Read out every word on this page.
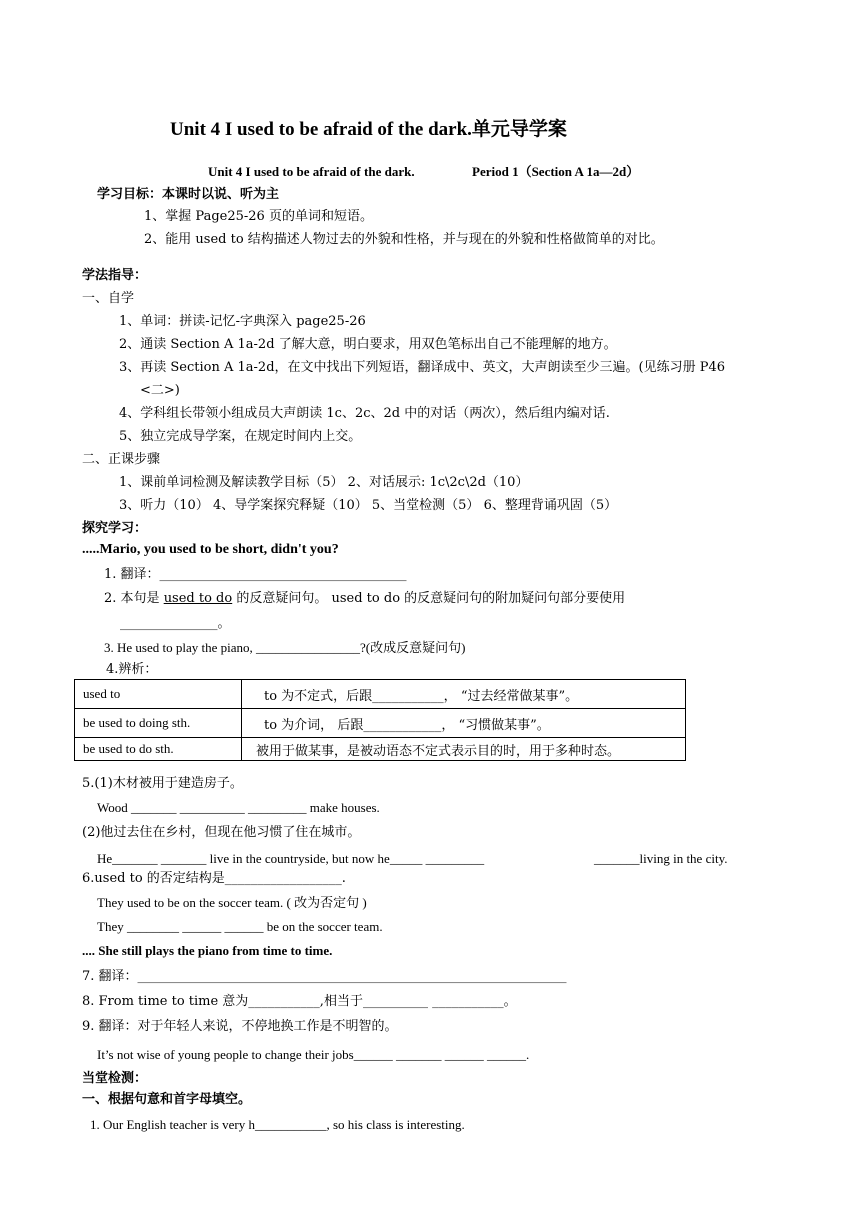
Unit 4 I used to be afraid of the dark.单元导学案
Unit 4 I used to be afraid of the dark.	Period 1（Section A 1a—2d）
学习目标：本课时以说、听为主
1、掌握 Page25-26 页的单词和短语。
2、能用 used to 结构描述人物过去的外貌和性格，并与现在的外貌和性格做简单的对比。
学法指导：
一、自学
1、单词：拼读-记忆-字典深入 page25-26
2、通读 Section A 1a-2d 了解大意，明白要求，用双色笔标出自己不能理解的地方。
3、再读 Section A 1a-2d，在文中找出下列短语，翻译成中、英文，大声朗读至少三遍。(见练习册 P46
<二>)
4、学科组长带领小组成员大声朗读 1c、2c、2d 中的对话（两次），然后组内编对话.
5、独立完成导学案，在规定时间内上交。
二、正课步骤
1、课前单词检测及解读教学目标（5） 2、对话展示: 1c\2c\2d（10）
3、听力（10） 4、导学案探究释疑（10） 5、当堂检测（5） 6、整理背诵巩固（5）
探究学习：
.....Mario, you used to be short, didn't you?
1. 翻译：______________________________________
2. 本句是 used to do 的反意疑问句。 used to do 的反意疑问句的附加疑问句部分要使用
_______________。
3. He used to play the piano, ________________?(改成反意疑问句)
4.辨析：
used to	to 为不定式，后跟___________， “过去经常做某事”。
be used to doing sth.	to 为介词， 后跟____________， “习惯做某事”。
be used to do sth.	被用于做某事，是被动语态不定式表示目的时，用于多种时态。
5.(1)木材被用于建造房子。
Wood _______ __________ _________ make houses.
(2)他过去住在乡村，但现在他习惯了住在城市。
He_______ _______ live in the countryside, but now he_____ _________	_______living in the city.
6.used to 的否定结构是__________________.
They used to be on the soccer team. ( 改为否定句 )
They ________ ______ ______ be on the soccer team.
.... She still plays the piano from time to time.
7. 翻译：__________________________________________________________________
8. From time to time 意为___________,相当于__________ ___________。
9. 翻译：对于年轻人来说，不停地换工作是不明智的。
It’s not wise of young people to change their jobs______ _______ ______ ______.
当堂检测：
一、根据句意和首字母填空。
1. Our English teacher is very h___________, so his class is interesting.
